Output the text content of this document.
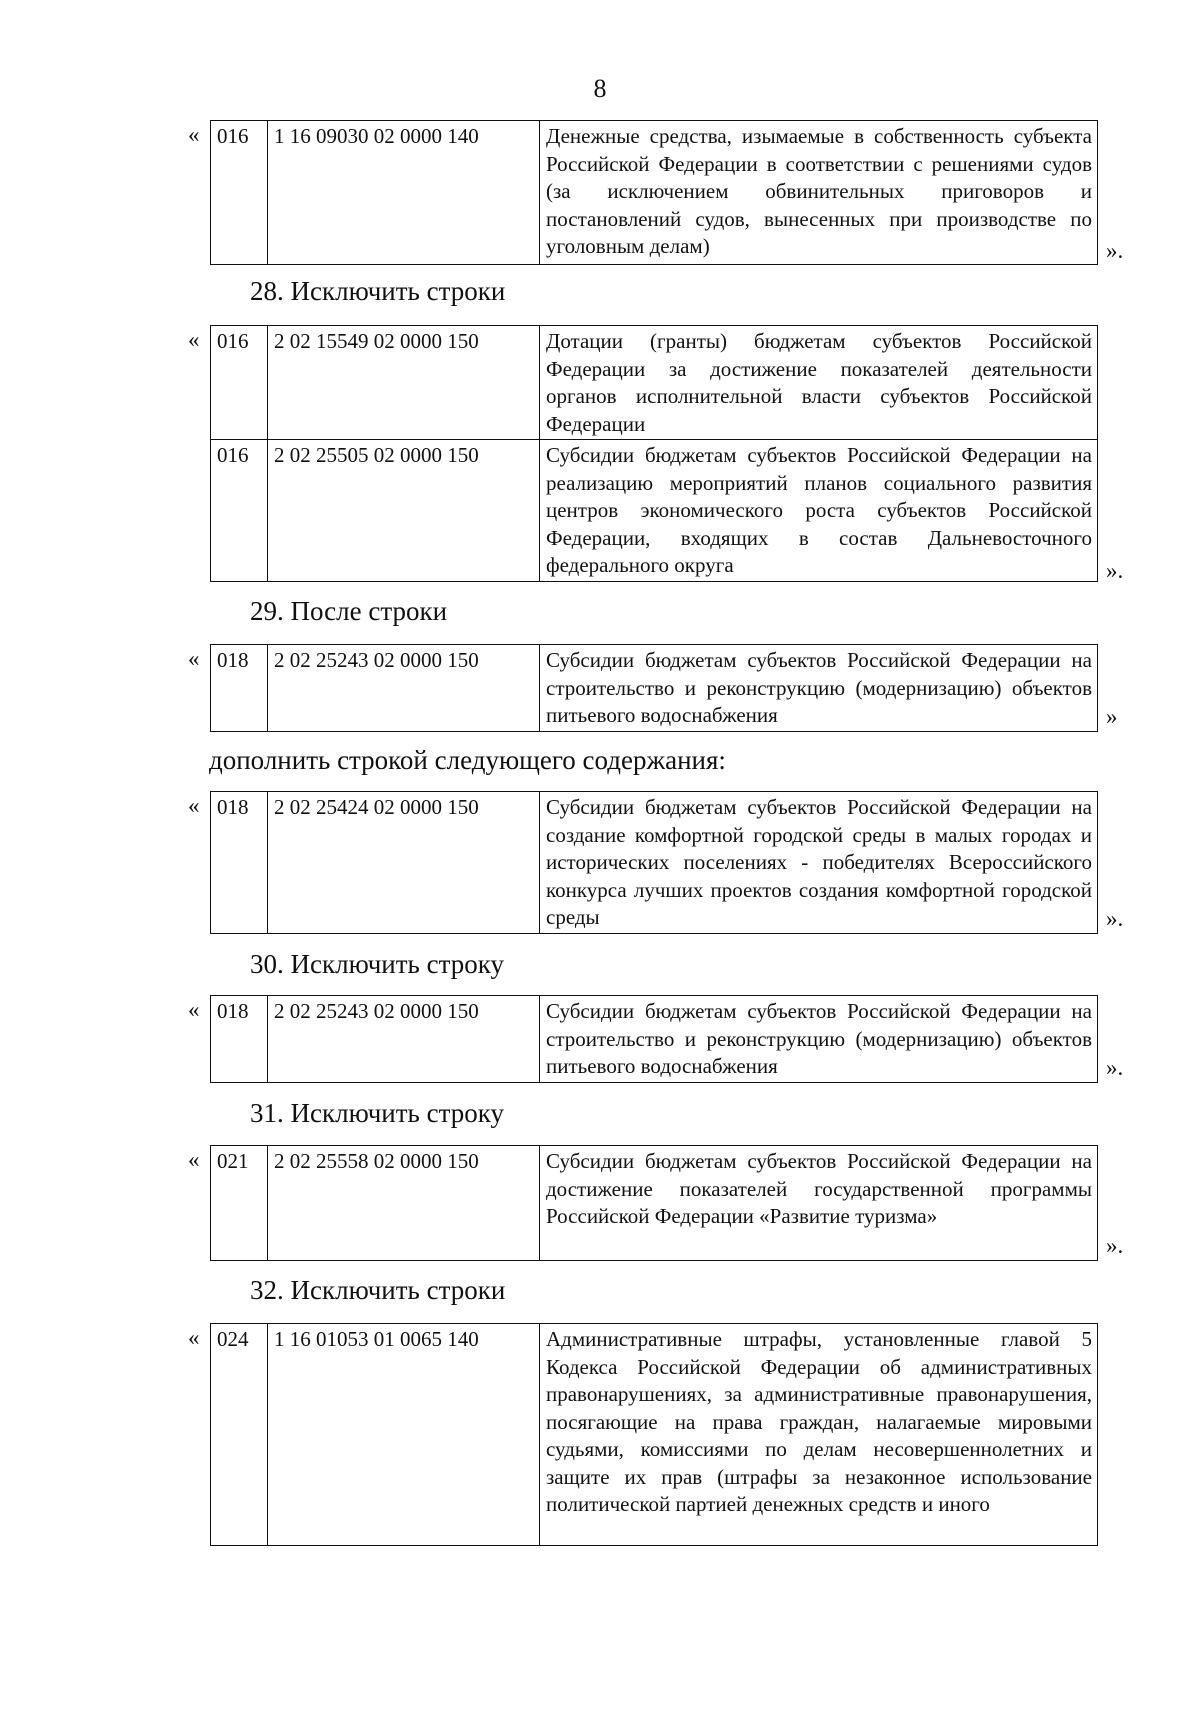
8
« 016	1 16 09030 02 0000 140	Денежные средства, изымаемые в собственность субъекта Российской Федерации в соответствии с решениями судов (за исключением обвинительных приговоров и постановлений судов, вынесенных при производстве по уголовным делам)	».
28. Исключить строки
« 016	2 02 15549 02 0000 150	Дотации (гранты) бюджетам субъектов Российской Федерации за достижение показателей деятельности органов исполнительной власти субъектов Российской Федерации
016	2 02 25505 02 0000 150	Субсидии бюджетам субъектов Российской Федерации на реализацию мероприятий планов социального развития центров экономического роста субъектов Российской Федерации, входящих в состав Дальневосточного федерального округа	».
29. После строки
« 018	2 02 25243 02 0000 150	Субсидии бюджетам субъектов Российской Федерации на строительство и реконструкцию (модернизацию) объектов питьевого водоснабжения	»
дополнить строкой следующего содержания:
« 018	2 02 25424 02 0000 150	Субсидии бюджетам субъектов Российской Федерации на создание комфортной городской среды в малых городах и исторических поселениях - победителях Всероссийского конкурса лучших проектов создания комфортной городской среды	».
30. Исключить строку
« 018	2 02 25243 02 0000 150	Субсидии бюджетам субъектов Российской Федерации на строительство и реконструкцию (модернизацию) объектов питьевого водоснабжения	».
31. Исключить строку
« 021	2 02 25558 02 0000 150	Субсидии бюджетам субъектов Российской Федерации на достижение показателей государственной программы Российской Федерации «Развитие туризма»
».
32. Исключить строки
« 024	1 16 01053 01 0065 140	Административные штрафы, установленные главой 5 Кодекса Российской Федерации об административных правонарушениях, за административные правонарушения, посягающие на права граждан, налагаемые мировыми судьями, комиссиями по делам несовершеннолетних и защите их прав (штрафы за незаконное использование политической партией денежных средств и иного
